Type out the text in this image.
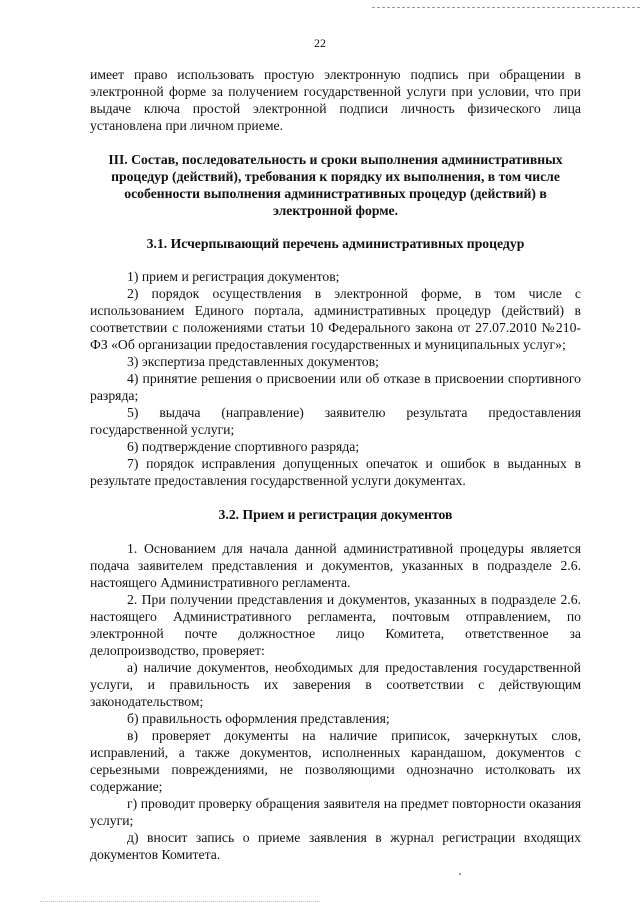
22

имеет право использовать простую электронную подпись при обращении в электронной форме за получением государственной услуги при условии, что при выдаче ключа простой электронной подписи личность физического лица установлена при личном приеме.

III. Состав, последовательность и сроки выполнения административных процедур (действий), требования к порядку их выполнения, в том числе особенности выполнения административных процедур (действий) в электронной форме.

3.1. Исчерпывающий перечень административных процедур

1) прием и регистрация документов;

2) порядок осуществления в электронной форме, в том числе с использованием Единого портала, административных процедур (действий) в соответствии с положениями статьи 10 Федерального закона от 27.07.2010 №210-ФЗ «Об организации предоставления государственных и муниципальных услуг»;

3) экспертиза представленных документов;

4) принятие решения о присвоении или об отказе в присвоении спортивного разряда;

5) выдача (направление) заявителю результата предоставления государственной услуги;

6) подтверждение спортивного разряда;

7) порядок исправления допущенных опечаток и ошибок в выданных в результате предоставления государственной услуги документах.

3.2. Прием и регистрация документов

1. Основанием для начала данной административной процедуры является подача заявителем представления и документов, указанных в подразделе 2.6. настоящего Административного регламента.

2. При получении представления и документов, указанных в подразделе 2.6. настоящего Административного регламента, почтовым отправлением, по электронной почте должностное лицо Комитета, ответственное за делопроизводство, проверяет:

а) наличие документов, необходимых для предоставления государственной услуги, и правильность их заверения в соответствии с действующим законодательством;

б) правильность оформления представления;

в) проверяет документы на наличие приписок, зачеркнутых слов, исправлений, а также документов, исполненных карандашом, документов с серьезными повреждениями, не позволяющими однозначно истолковать их содержание;

г) проводит проверку обращения заявителя на предмет повторности оказания услуги;

д) вносит запись о приеме заявления в журнал регистрации входящих документов Комитета.
